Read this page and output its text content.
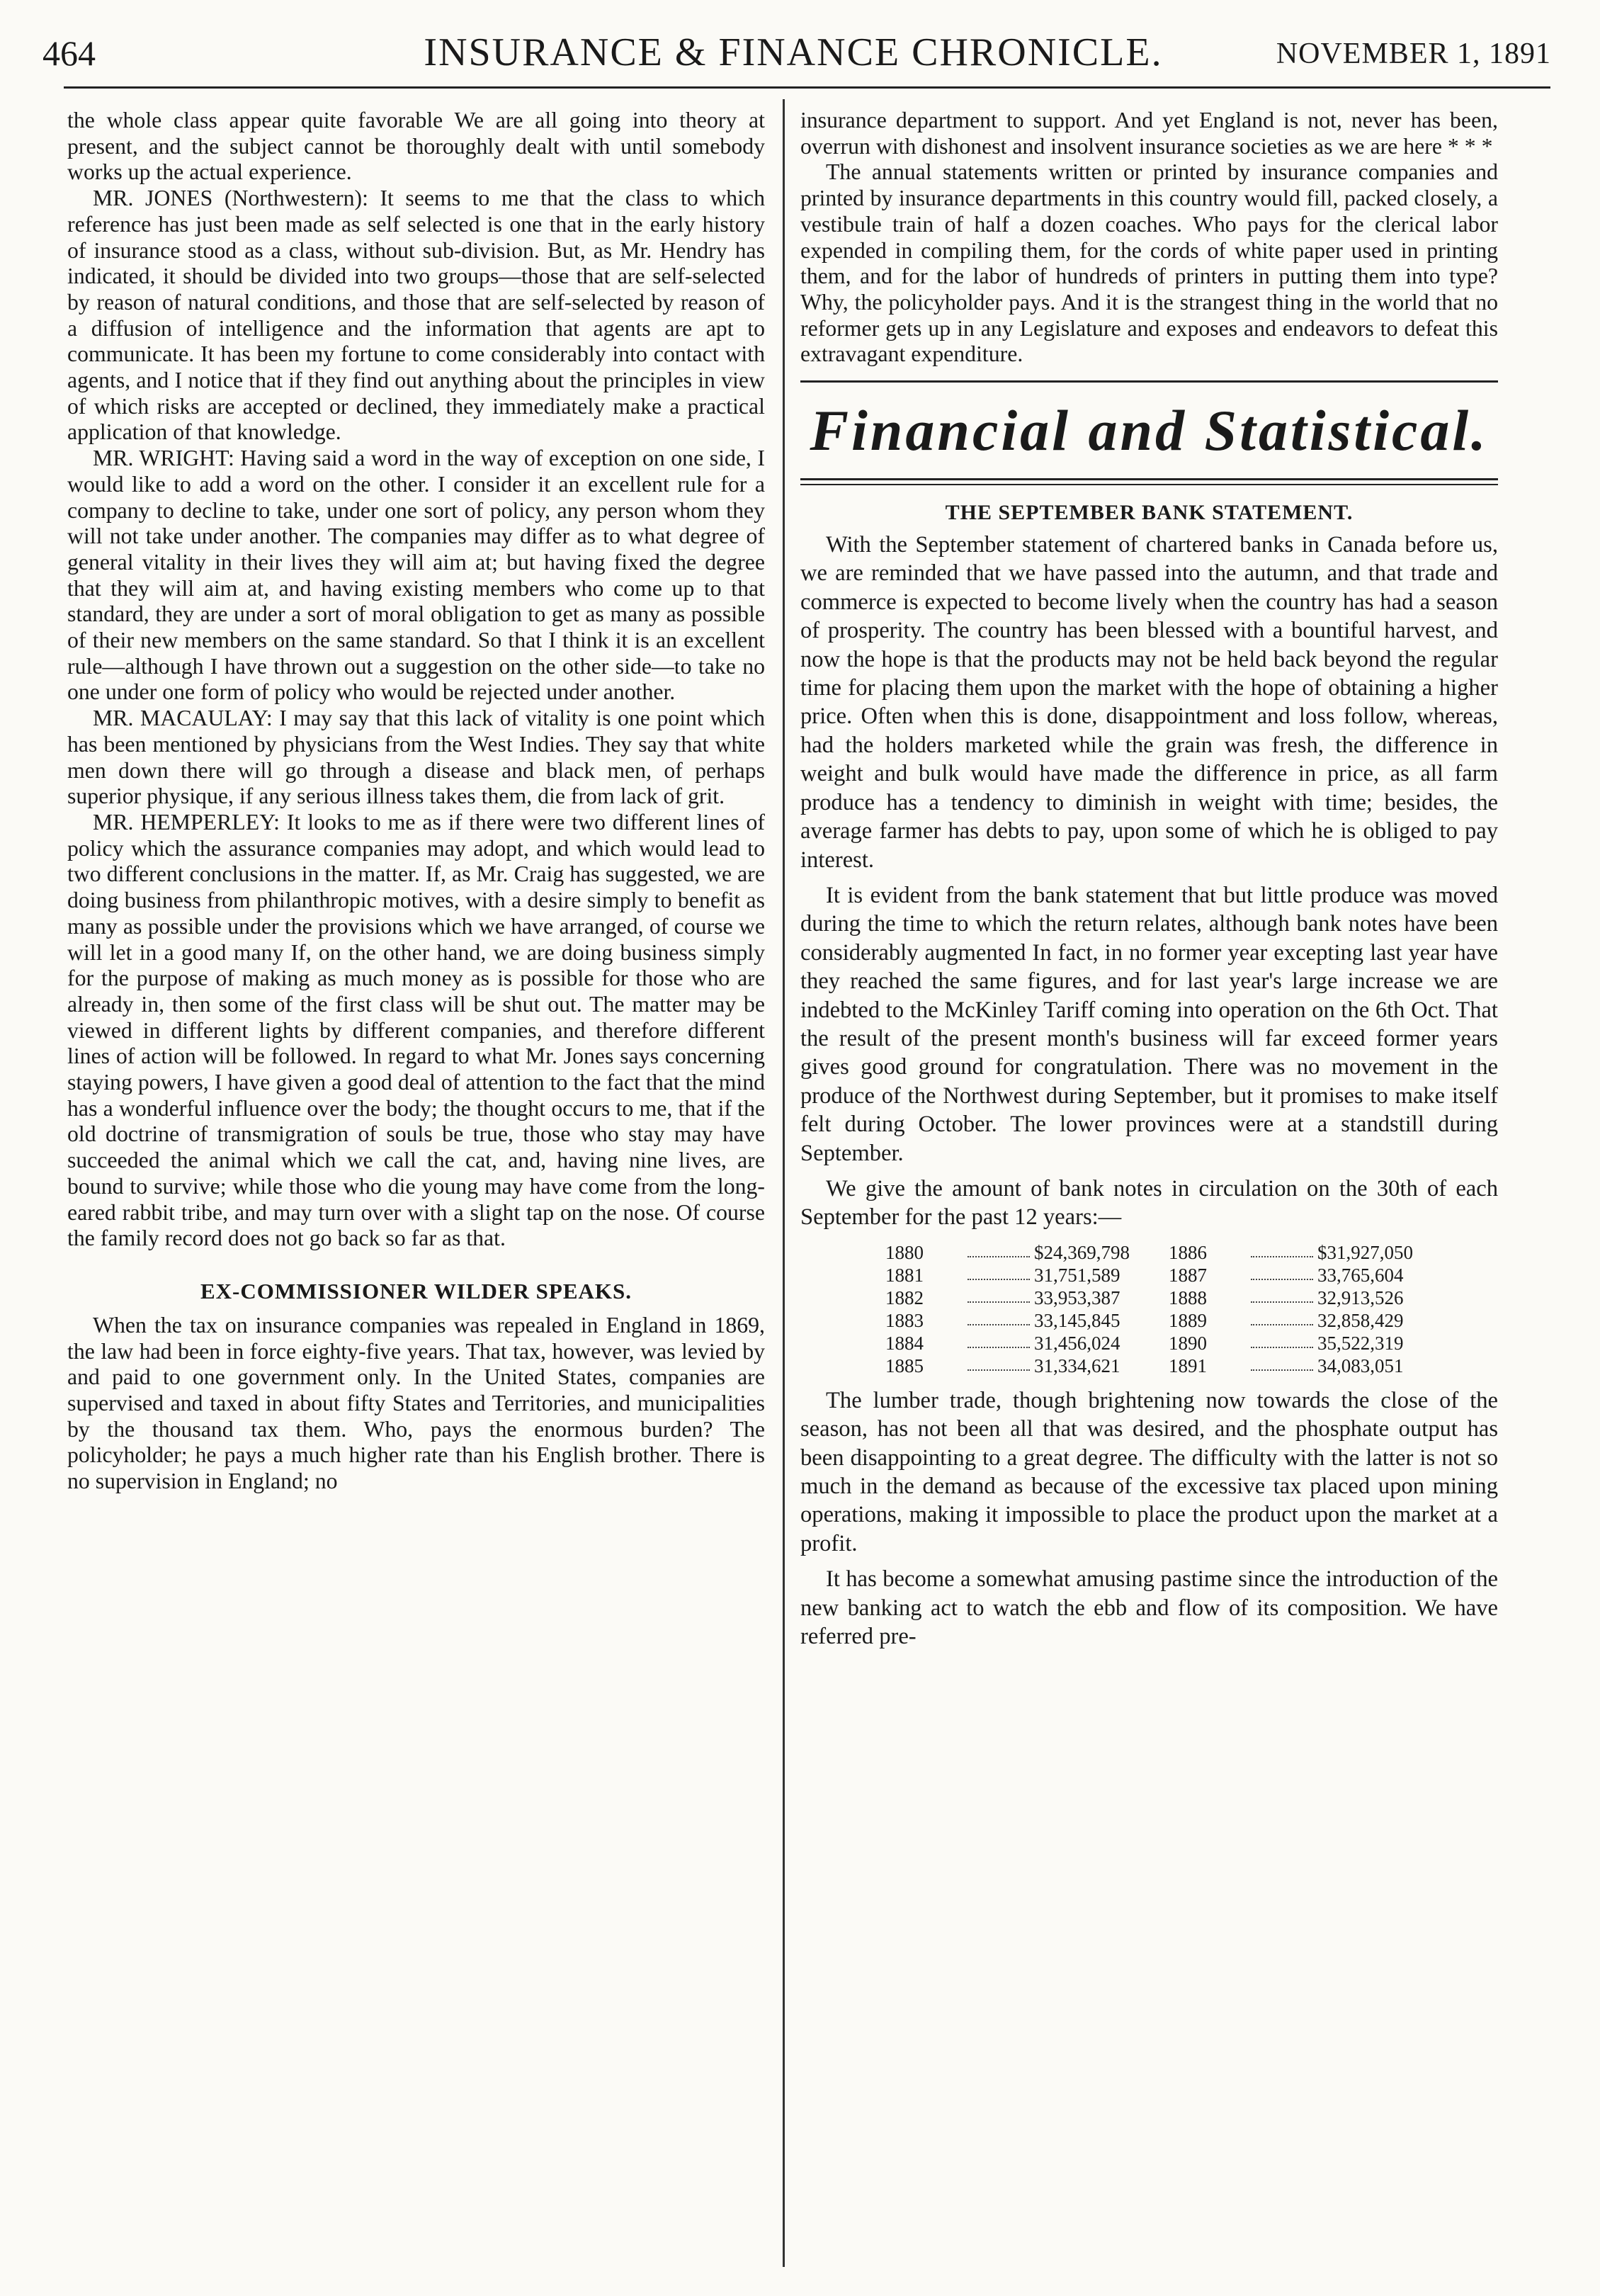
464	INSURANCE & FINANCE CHRONICLE.	NOVEMBER 1, 1891

the whole class appear quite favorable We are all going into theory at present, and the subject cannot be thoroughly dealt with until somebody works up the actual experience.

MR. JONES (Northwestern): It seems to me that the class to which reference has just been made as self selected is one that in the early history of insurance stood as a class, without sub-division. But, as Mr. Hendry has indicated, it should be divided into two groups—those that are self-selected by reason of natural conditions, and those that are self-selected by reason of a diffusion of intelligence and the information that agents are apt to communicate. It has been my fortune to come considerably into contact with agents, and I notice that if they find out anything about the principles in view of which risks are accepted or declined, they immediately make a practical application of that knowledge.

MR. WRIGHT: Having said a word in the way of exception on one side, I would like to add a word on the other. I consider it an excellent rule for a company to decline to take, under one sort of policy, any person whom they will not take under another. The companies may differ as to what degree of general vitality in their lives they will aim at; but having fixed the degree that they will aim at, and having existing members who come up to that standard, they are under a sort of moral obligation to get as many as possible of their new members on the same standard. So that I think it is an excellent rule—although I have thrown out a suggestion on the other side—to take no one under one form of policy who would be rejected under another.

MR. MACAULAY: I may say that this lack of vitality is one point which has been mentioned by physicians from the West Indies. They say that white men down there will go through a disease and black men, of perhaps superior physique, if any serious illness takes them, die from lack of grit.

MR. HEMPERLEY: It looks to me as if there were two different lines of policy which the assurance companies may adopt, and which would lead to two different conclusions in the matter. If, as Mr. Craig has suggested, we are doing business from philanthropic motives, with a desire simply to benefit as many as possible under the provisions which we have arranged, of course we will let in a good many If, on the other hand, we are doing business simply for the purpose of making as much money as is possible for those who are already in, then some of the first class will be shut out. The matter may be viewed in different lights by different companies, and therefore different lines of action will be followed. In regard to what Mr. Jones says concerning staying powers, I have given a good deal of attention to the fact that the mind has a wonderful influence over the body; the thought occurs to me, that if the old doctrine of transmigration of souls be true, those who stay may have succeeded the animal which we call the cat, and, having nine lives, are bound to survive; while those who die young may have come from the long-eared rabbit tribe, and may turn over with a slight tap on the nose. Of course the family record does not go back so far as that.

EX-COMMISSIONER WILDER SPEAKS.

When the tax on insurance companies was repealed in England in 1869, the law had been in force eighty-five years. That tax, however, was levied by and paid to one government only. In the United States, companies are supervised and taxed in about fifty States and Territories, and municipalities by the thousand tax them. Who, pays the enormous burden? The policyholder; he pays a much higher rate than his English brother. There is no supervision in England; no

insurance department to support. And yet England is not, never has been, overrun with dishonest and insolvent insurance societies as we are here * * *

The annual statements written or printed by insurance companies and printed by insurance departments in this country would fill, packed closely, a vestibule train of half a dozen coaches. Who pays for the clerical labor expended in compiling them, for the cords of white paper used in printing them, and for the labor of hundreds of printers in putting them into type? Why, the policyholder pays. And it is the strangest thing in the world that no reformer gets up in any Legislature and exposes and endeavors to defeat this extravagant expenditure.

Financial and Statistical.
THE SEPTEMBER BANK STATEMENT.

With the September statement of chartered banks in Canada before us, we are reminded that we have passed into the autumn, and that trade and commerce is expected to become lively when the country has had a season of prosperity. The country has been blessed with a bountiful harvest, and now the hope is that the products may not be held back beyond the regular time for placing them upon the market with the hope of obtaining a higher price. Often when this is done, disappointment and loss follow, whereas, had the holders marketed while the grain was fresh, the difference in weight and bulk would have made the difference in price, as all farm produce has a tendency to diminish in weight with time; besides, the average farmer has debts to pay, upon some of which he is obliged to pay interest.

It is evident from the bank statement that but little produce was moved during the time to which the return relates, although bank notes have been considerably augmented In fact, in no former year excepting last year have they reached the same figures, and for last year's large increase we are indebted to the McKinley Tariff coming into operation on the 6th Oct. That the result of the present month's business will far exceed former years gives good ground for congratulation. There was no movement in the produce of the Northwest during September, but it promises to make itself felt during October. The lower provinces were at a standstill during September.

We give the amount of bank notes in circulation on the 30th of each September for the past 12 years:—

1880	$24,369,798	1886	$31,927,050
1881	31,751,589	1887	33,765,604
1882	33,953,387	1888	32,913,526
1883	33,145,845	1889	32,858,429
1884	31,456,024	1890	35,522,319
1885	31,334,621	1891	34,083,051

The lumber trade, though brightening now towards the close of the season, has not been all that was desired, and the phosphate output has been disappointing to a great degree. The difficulty with the latter is not so much in the demand as because of the excessive tax placed upon mining operations, making it impossible to place the product upon the market at a profit.

It has become a somewhat amusing pastime since the introduction of the new banking act to watch the ebb and flow of its composition. We have referred pre-
